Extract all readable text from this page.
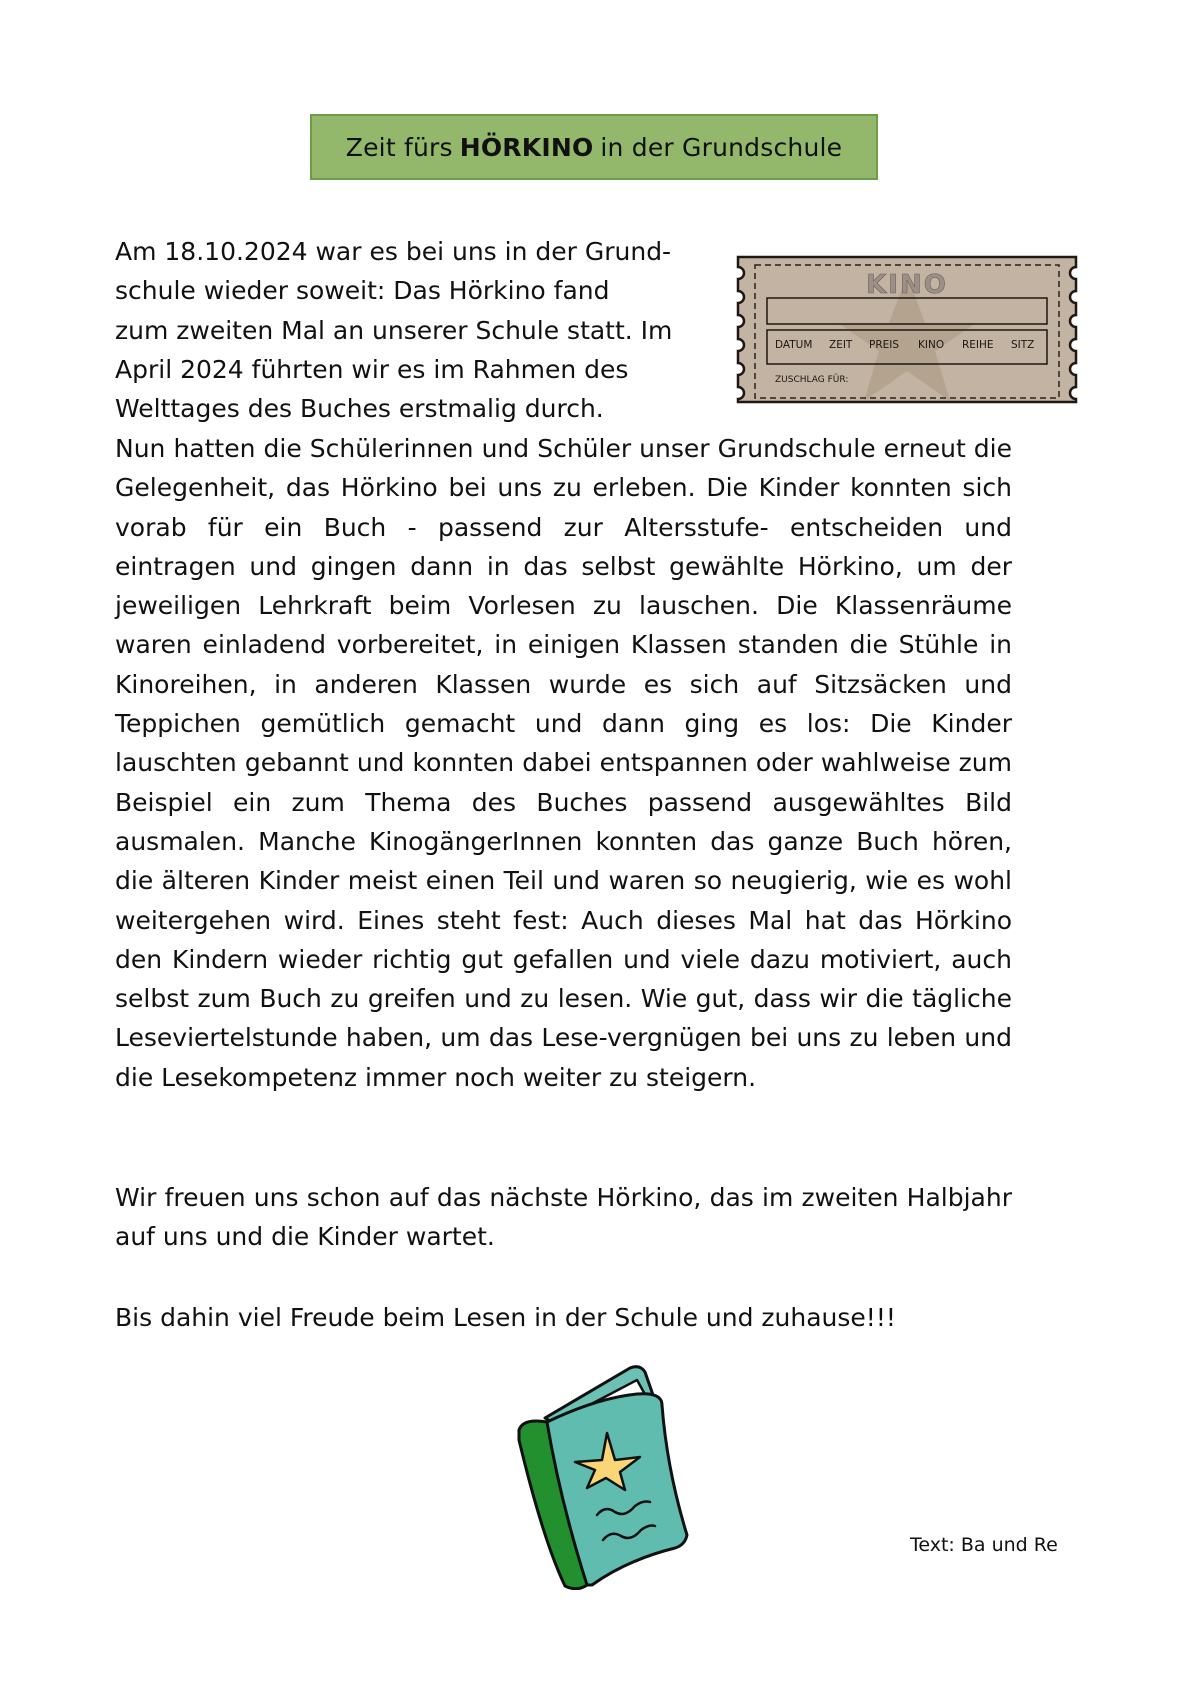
Zeit fürs HÖRKINO in der Grundschule
Am 18.10.2024 war es bei uns in der Grund-
schule wieder soweit: Das Hörkino fand
zum zweiten Mal an unserer Schule statt. Im
April 2024 führten wir es im Rahmen des
Welttages des Buches erstmalig durch.
KINO
DATUM ZEIT PREIS KINO REIHE SITZ
ZUSCHLAG FÜR:

Nun hatten die Schülerinnen und Schüler unser Grundschule erneut die Gelegenheit, das Hörkino bei uns zu erleben. Die Kinder konnten sich vorab für ein Buch - passend zur Altersstufe- entscheiden und eintragen und gingen dann in das selbst gewählte Hörkino, um der jeweiligen Lehrkraft beim Vorlesen zu lauschen. Die Klassenräume waren einladend vorbereitet, in einigen Klassen standen die Stühle in Kinoreihen, in anderen Klassen wurde es sich auf Sitzsäcken und Teppichen gemütlich gemacht und dann ging es los: Die Kinder lauschten gebannt und konnten dabei entspannen oder wahlweise zum Beispiel ein zum Thema des Buches passend ausgewähltes Bild ausmalen. Manche KinogängerInnen konnten das ganze Buch hören, die älteren Kinder meist einen Teil und waren so neugierig, wie es wohl weitergehen wird. Eines steht fest: Auch dieses Mal hat das Hörkino den Kindern wieder richtig gut gefallen und viele dazu motiviert, auch selbst zum Buch zu greifen und zu lesen. Wie gut, dass wir die tägliche Leseviertelstunde haben, um das Lese-vergnügen bei uns zu leben und die Lesekompetenz immer noch weiter zu steigern.

Wir freuen uns schon auf das nächste Hörkino, das im zweiten Halbjahr auf uns und die Kinder wartet.

Bis dahin viel Freude beim Lesen in der Schule und zuhause!!!

Text: Ba und Re
